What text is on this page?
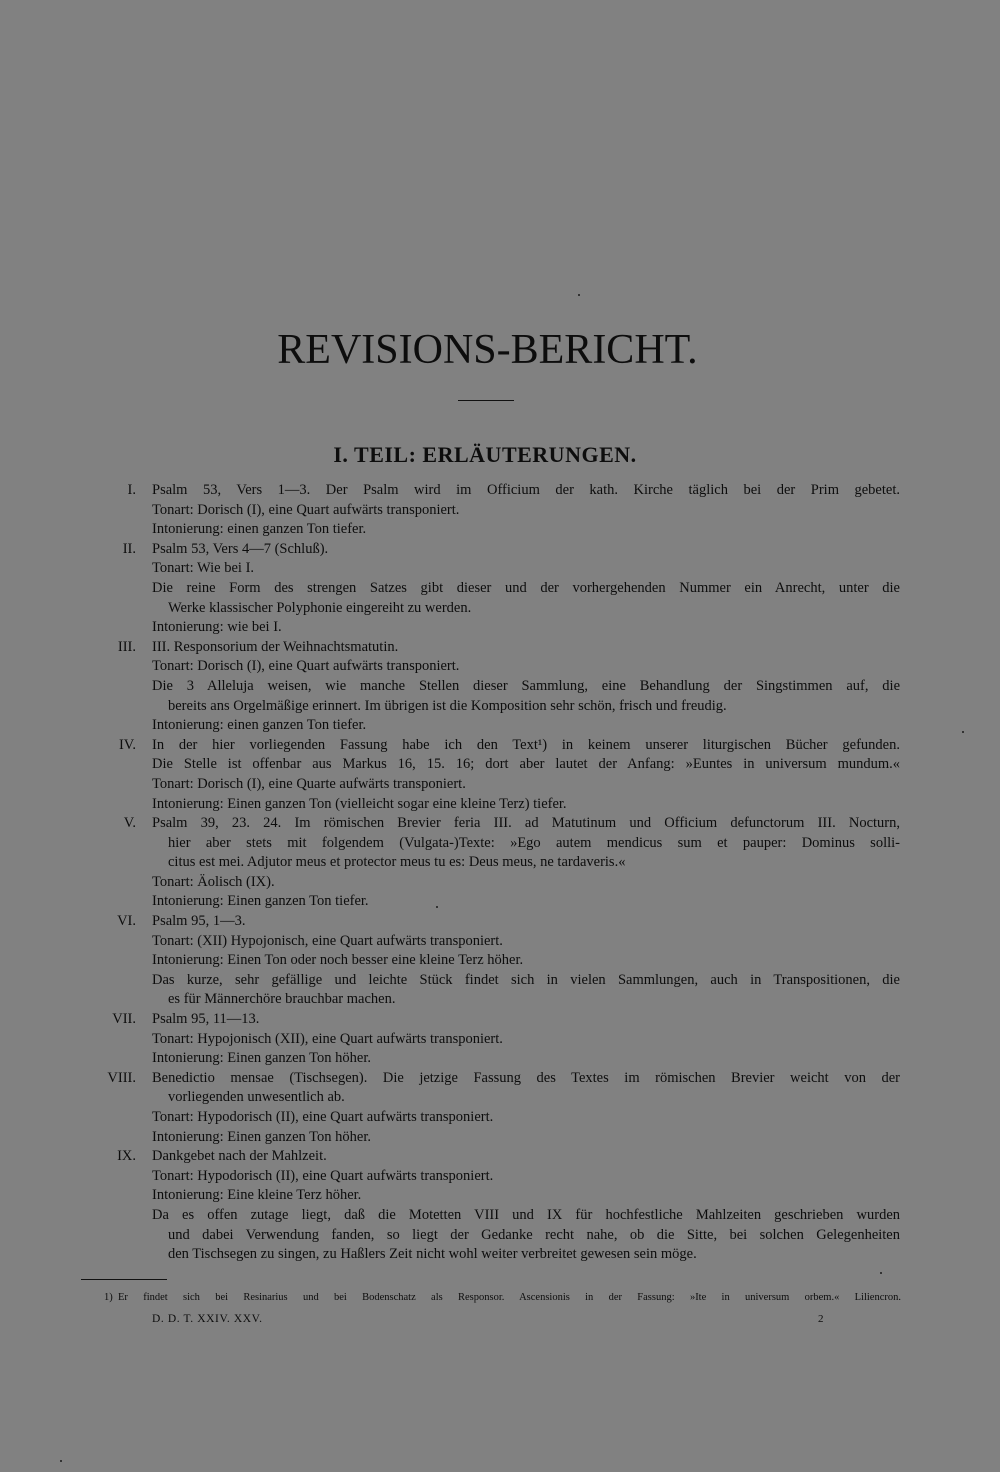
REVISIONS-BERICHT.
I. TEIL: ERLÄUTERUNGEN.
I. Psalm 53, Vers 1—3. Der Psalm wird im Officium der kath. Kirche täglich bei der Prim gebetet.
Tonart: Dorisch (I), eine Quart aufwärts transponiert.
Intonierung: einen ganzen Ton tiefer.
II. Psalm 53, Vers 4—7 (Schluß).
Tonart: Wie bei I.
Die reine Form des strengen Satzes gibt dieser und der vorhergehenden Nummer ein Anrecht, unter die
Werke klassischer Polyphonie eingereiht zu werden.
Intonierung: wie bei I.
III. III. Responsorium der Weihnachtsmatutin.
Tonart: Dorisch (I), eine Quart aufwärts transponiert.
Die 3 Alleluja weisen, wie manche Stellen dieser Sammlung, eine Behandlung der Singstimmen auf, die
bereits ans Orgelmäßige erinnert. Im übrigen ist die Komposition sehr schön, frisch und freudig.
Intonierung: einen ganzen Ton tiefer.
IV. In der hier vorliegenden Fassung habe ich den Text¹) in keinem unserer liturgischen Bücher gefunden.
Die Stelle ist offenbar aus Markus 16, 15. 16; dort aber lautet der Anfang: »Euntes in universum mundum.«
Tonart: Dorisch (I), eine Quarte aufwärts transponiert.
Intonierung: Einen ganzen Ton (vielleicht sogar eine kleine Terz) tiefer.
V. Psalm 39, 23. 24. Im römischen Brevier feria III. ad Matutinum und Officium defunctorum III. Nocturn,
hier aber stets mit folgendem (Vulgata-)Texte: »Ego autem mendicus sum et pauper: Dominus solli-
citus est mei. Adjutor meus et protector meus tu es: Deus meus, ne tardaveris.«
Tonart: Äolisch (IX).
Intonierung: Einen ganzen Ton tiefer.
VI. Psalm 95, 1—3.
Tonart: (XII) Hypojonisch, eine Quart aufwärts transponiert.
Intonierung: Einen Ton oder noch besser eine kleine Terz höher.
Das kurze, sehr gefällige und leichte Stück findet sich in vielen Sammlungen, auch in Transpositionen, die
es für Männerchöre brauchbar machen.
VII. Psalm 95, 11—13.
Tonart: Hypojonisch (XII), eine Quart aufwärts transponiert.
Intonierung: Einen ganzen Ton höher.
VIII. Benedictio mensae (Tischsegen). Die jetzige Fassung des Textes im römischen Brevier weicht von der
vorliegenden unwesentlich ab.
Tonart: Hypodorisch (II), eine Quart aufwärts transponiert.
Intonierung: Einen ganzen Ton höher.
IX. Dankgebet nach der Mahlzeit.
Tonart: Hypodorisch (II), eine Quart aufwärts transponiert.
Intonierung: Eine kleine Terz höher.
Da es offen zutage liegt, daß die Motetten VIII und IX für hochfestliche Mahlzeiten geschrieben wurden
und dabei Verwendung fanden, so liegt der Gedanke recht nahe, ob die Sitte, bei solchen Gelegenheiten
den Tischsegen zu singen, zu Haßlers Zeit nicht wohl weiter verbreitet gewesen sein möge.
1) Er findet sich bei Resinarius und bei Bodenschatz als Responsor. Ascensionis in der Fassung: »Ite in universum orbem.« Liliencron.
D. D. T. XXIV. XXV.	2
